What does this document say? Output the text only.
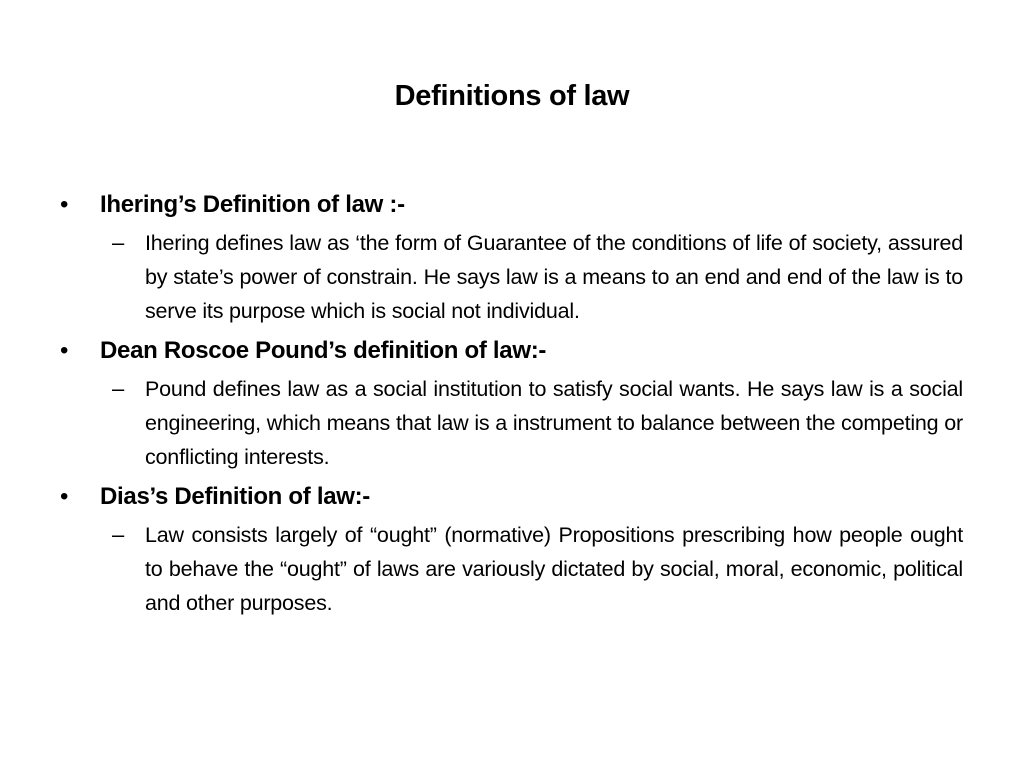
Definitions of law
•	Ihering’s Definition of law :-
– Ihering defines law as ‘the form of Guarantee of the conditions of life of society, assured by state’s power of constrain. He says law is a means to an end and end of the law is to serve its purpose which is social not individual.
•	Dean Roscoe Pound’s definition of law:-
– Pound defines law as a social institution to satisfy social wants. He says law is a social engineering, which means that law is a instrument to balance between the competing or conflicting interests.
•	Dias’s Definition of law:-
– Law consists largely of “ought” (normative) Propositions prescribing how people ought to behave the “ought” of laws are variously dictated by social, moral, economic, political and other purposes.
